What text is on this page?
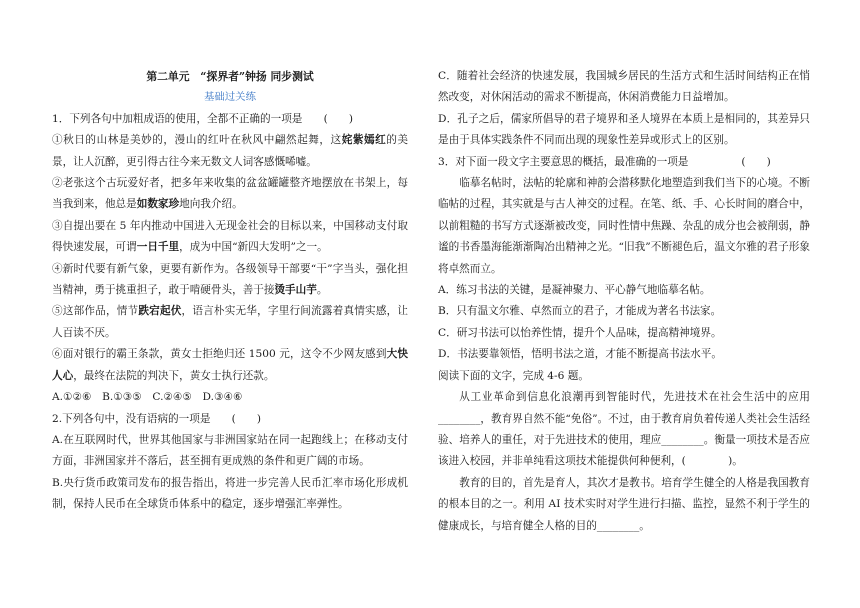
第二单元　“探界者”钟扬 同步测试

基础过关练

1．下列各句中加粗成语的使用，全都不正确的一项是　　(　　)

①秋日的山林是美妙的，漫山的红叶在秋风中翩然起舞，这姹紫嫣红的美景，让人沉醉，更引得古往今来无数文人词客感慨唏嘘。

②老张这个古玩爱好者，把多年来收集的盆盆罐罐整齐地摆放在书架上，每当我到来，他总是如数家珍地向我介绍。

③自提出要在 5 年内推动中国进入无现金社会的目标以来，中国移动支付取得快速发展，可谓一日千里，成为中国“新四大发明”之一。

④新时代要有新气象，更要有新作为。各级领导干部要“干”字当头，强化担当精神，勇于挑重担子，敢于啃硬骨头，善于接烫手山芋。

⑤这部作品，情节跌宕起伏，语言朴实无华，字里行间流露着真情实感，让人百读不厌。

⑥面对银行的霸王条款，黄女士拒绝归还 1500 元，这令不少网友感到大快人心，最终在法院的判决下，黄女士执行还款。

A.①②⑥　B.①③⑤　C.②④⑤　D.③④⑥

2.下列各句中，没有语病的一项是　　(　　)

A.在互联网时代，世界其他国家与非洲国家站在同一起跑线上；在移动支付方面，非洲国家并不落后，甚至拥有更成熟的条件和更广阔的市场。

B.央行货币政策司发布的报告指出，将进一步完善人民币汇率市场化形成机制，保持人民币在全球货币体系中的稳定，逐步增强汇率弹性。

C．随着社会经济的快速发展，我国城乡居民的生活方式和生活时间结构正在悄然改变，对休闲活动的需求不断提高，休闲消费能力日益增加。

D．孔子之后，儒家所倡导的君子境界和圣人境界在本质上是相同的，其差异只是由于具体实践条件不同而出现的现象性差异或形式上的区别。

3．对下面一段文字主要意思的概括，最准确的一项是　　　　　(　　)

临摹名帖时，法帖的轮廓和神韵会潜移默化地塑造到我们当下的心境。不断临帖的过程，其实就是与古人神交的过程。在笔、纸、手、心长时间的磨合中，以前粗糙的书写方式逐渐被改变，同时性情中焦躁、杂乱的成分也会被削弱，静谧的书香墨海能渐渐陶冶出精神之光。“旧我”不断褪色后，温文尔雅的君子形象将卓然而立。

A．练习书法的关键，是凝神聚力、平心静气地临摹名帖。

B．只有温文尔雅、卓然而立的君子，才能成为著名书法家。

C．研习书法可以怡养性情，提升个人品味，提高精神境界。

D．书法要靠领悟，悟明书法之道，才能不断提高书法水平。

阅读下面的文字，完成 4-6 题。

从工业革命到信息化浪潮再到智能时代，先进技术在社会生活中的应用________，教育界自然不能“免俗”。不过，由于教育肩负着传递人类社会生活经验、培养人的重任，对于先进技术的使用，理应________。衡量一项技术是否应该进入校园，并非单纯看这项技术能提供何种便利，(　　　　)。

教育的目的，首先是育人，其次才是教书。培育学生健全的人格是我国教育的根本目的之一。利用 AI 技术实时对学生进行扫描、监控，显然不利于学生的健康成长，与培育健全人格的目的________。
